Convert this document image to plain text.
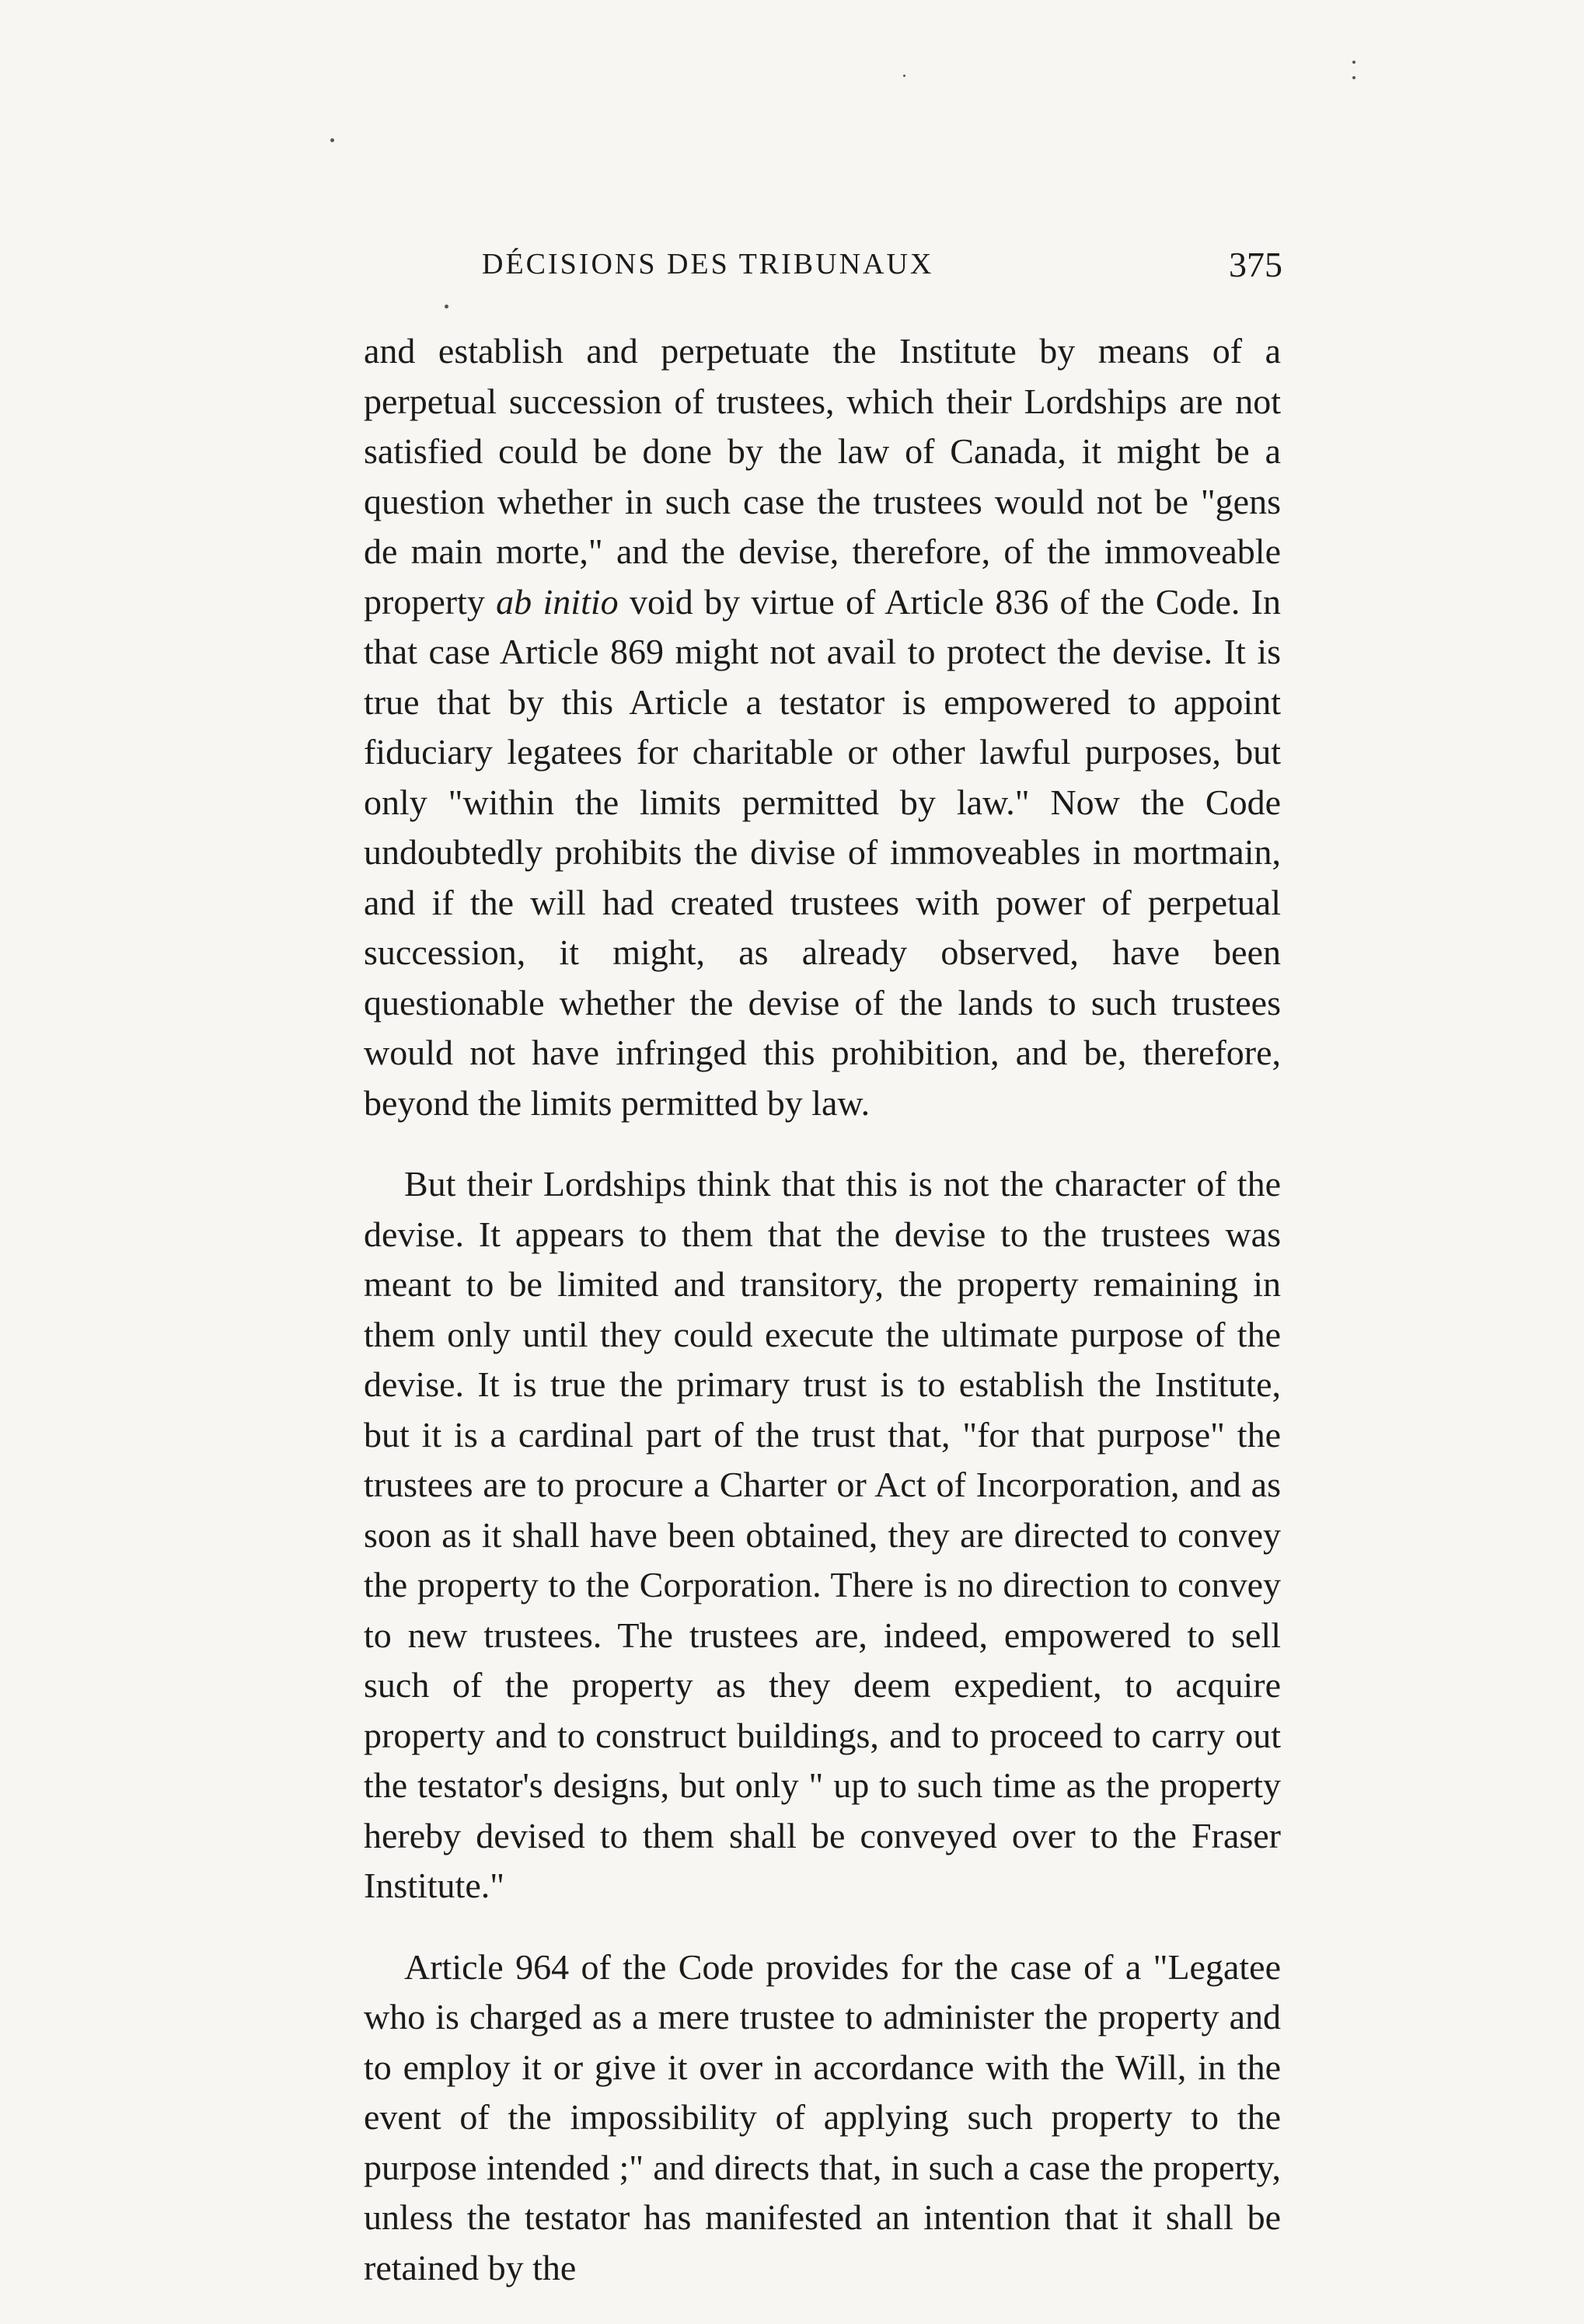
DÉCISIONS DES TRIBUNAUX	375

and establish and perpetuate the Institute by means of a perpetual succession of trustees, which their Lordships are not satisfied could be done by the law of Canada, it might be a question whether in such case the trustees would not be "gens de main morte," and the devise, therefore, of the immoveable property ab initio void by virtue of Article 836 of the Code. In that case Article 869 might not avail to protect the devise. It is true that by this Article a testator is empowered to appoint fiduciary legatees for charitable or other lawful purposes, but only "within the limits permitted by law." Now the Code undoubtedly prohibits the divise of immoveables in mortmain, and if the will had created trustees with power of perpetual succession, it might, as already observed, have been questionable whether the devise of the lands to such trustees would not have infringed this prohibition, and be, therefore, beyond the limits permitted by law.

But their Lordships think that this is not the character of the devise. It appears to them that the devise to the trustees was meant to be limited and transitory, the property remaining in them only until they could execute the ultimate purpose of the devise. It is true the primary trust is to establish the Institute, but it is a cardinal part of the trust that, "for that purpose" the trustees are to procure a Charter or Act of Incorporation, and as soon as it shall have been obtained, they are directed to convey the property to the Corporation. There is no direction to convey to new trustees. The trustees are, indeed, empowered to sell such of the property as they deem expedient, to acquire property and to construct buildings, and to proceed to carry out the testator's designs, but only " up to such time as the property hereby devised to them shall be conveyed over to the Fraser Institute."

Article 964 of the Code provides for the case of a "Legatee who is charged as a mere trustee to administer the property and to employ it or give it over in accordance with the Will, in the event of the impossibility of applying such property to the purpose intended ;" and directs that, in such a case the property, unless the testator has manifested an intention that it shall be retained by the
